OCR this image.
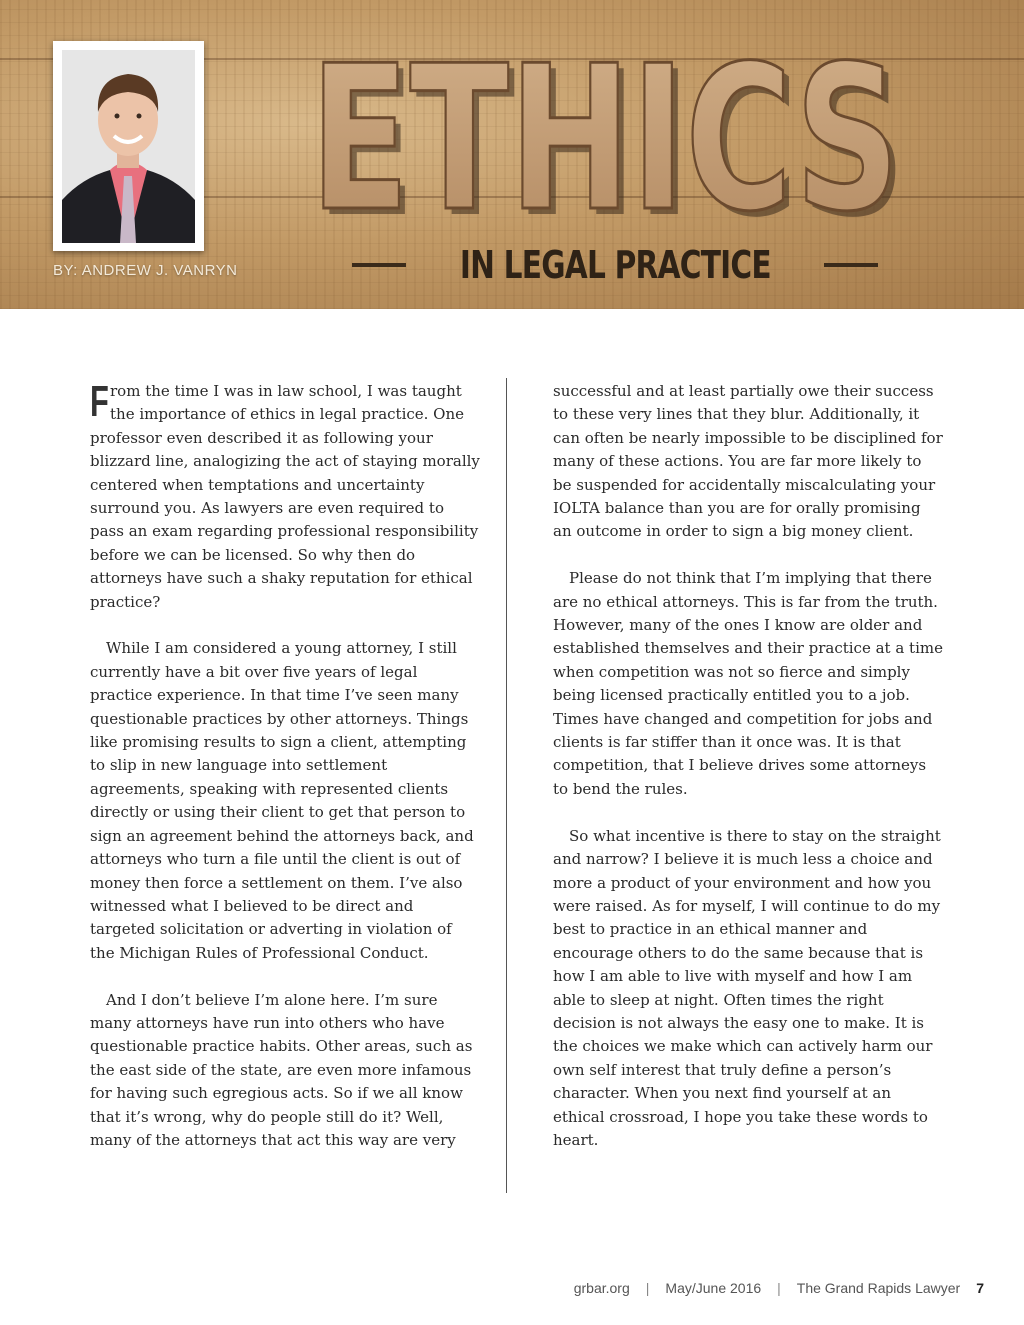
BY: ANDREW J. VANRYN
ETHICS
ETHICS
IN LEGAL PRACTICE

From the time I was in law school, I was taught the importance of ethics in legal practice. One professor even described it as following your blizzard line, analogizing the act of staying morally centered when temptations and uncertainty surround you. As lawyers are even required to pass an exam regarding professional responsibility before we can be licensed. So why then do attorneys have such a shaky reputation for ethical practice?

While I am considered a young attorney, I still currently have a bit over five years of legal practice experience. In that time I’ve seen many questionable practices by other attorneys. Things like promising results to sign a client, attempting to slip in new language into settlement agreements, speaking with represented clients directly or using their client to get that person to sign an agreement behind the attorneys back, and attorneys who turn a file until the client is out of money then force a settlement on them. I’ve also witnessed what I believed to be direct and targeted solicitation or adverting in violation of the Michigan Rules of Professional Conduct.

And I don’t believe I’m alone here. I’m sure many attorneys have run into others who have questionable practice habits. Other areas, such as the east side of the state, are even more infamous for having such egregious acts. So if we all know that it’s wrong, why do people still do it? Well, many of the attorneys that act this way are very

successful and at least partially owe their success to these very lines that they blur. Additionally, it can often be nearly impossible to be disciplined for many of these actions. You are far more likely to be suspended for accidentally miscalculating your IOLTA balance than you are for orally promising an outcome in order to sign a big money client.

Please do not think that I’m implying that there are no ethical attorneys. This is far from the truth. However, many of the ones I know are older and established themselves and their practice at a time when competition was not so fierce and simply being licensed practically entitled you to a job. Times have changed and competition for jobs and clients is far stiffer than it once was. It is that competition, that I believe drives some attorneys to bend the rules.

So what incentive is there to stay on the straight and narrow? I believe it is much less a choice and more a product of your environment and how you were raised. As for myself, I will continue to do my best to practice in an ethical manner and encourage others to do the same because that is how I am able to live with myself and how I am able to sleep at night. Often times the right decision is not always the easy one to make. It is the choices we make which can actively harm our own self interest that truly define a person’s character. When you next find yourself at an ethical crossroad, I hope you take these words to heart.

grbar.org | May/June 2016 | The Grand Rapids Lawyer 7
